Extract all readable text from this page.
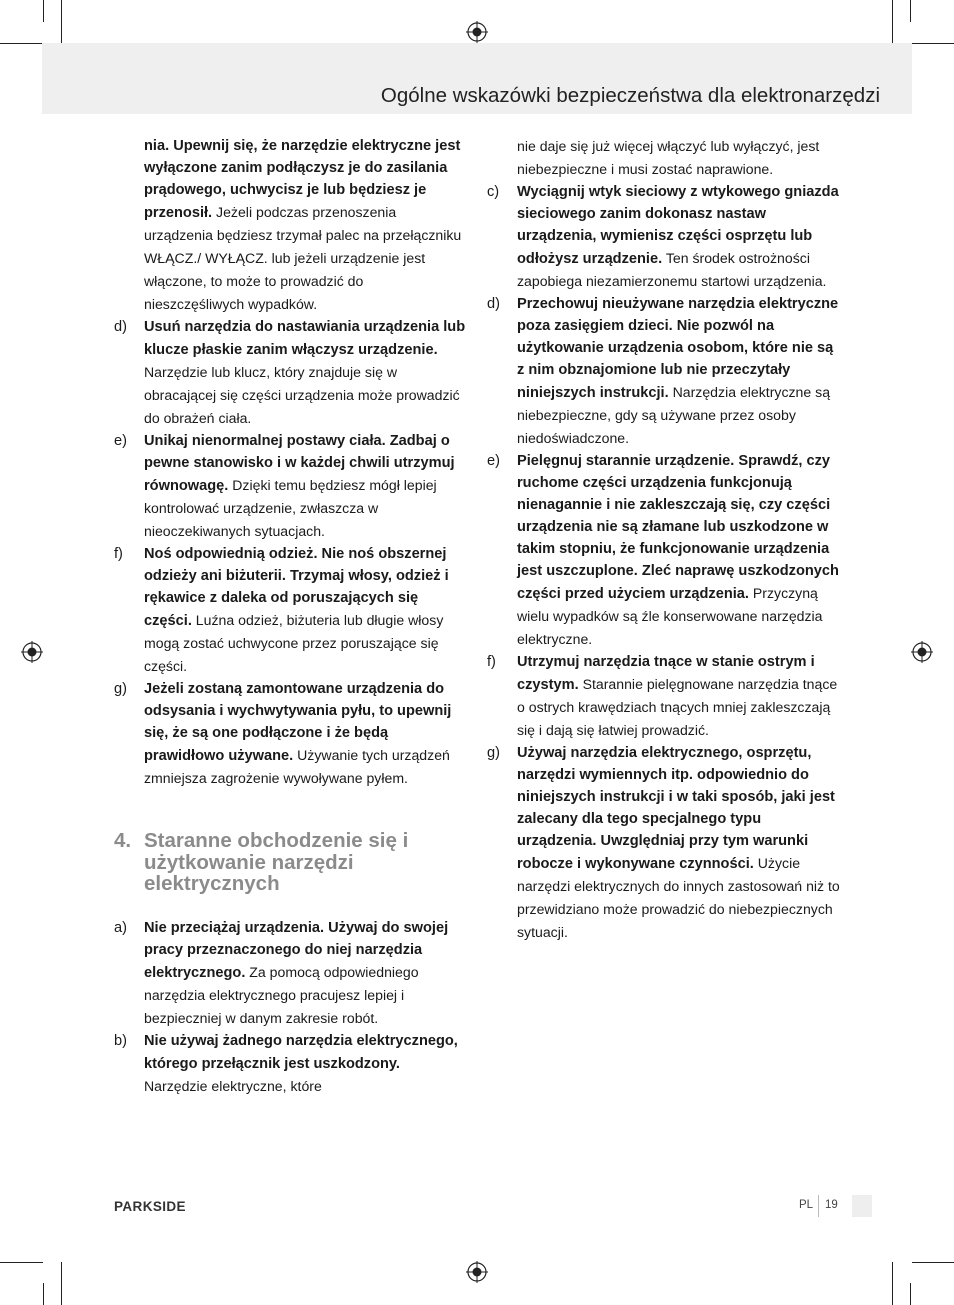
Ogólne wskazówki bezpieczeństwa dla elektronarzędzi
nia. Upewnij się, że narzędzie elektryczne jest wyłączone zanim podłączysz je do zasilania prądowego, uchwycisz je lub będziesz je przenosił. Jeżeli podczas przenoszenia urządzenia będziesz trzymał palec na przełączniku WŁĄCZ./ WYŁĄCZ. lub jeżeli urządzenie jest włączone, to może to prowadzić do nieszczęśliwych wypadków.
d) Usuń narzędzia do nastawiania urządzenia lub klucze płaskie zanim włączysz urządzenie. Narzędzie lub klucz, który znajduje się w obracającej się części urządzenia może prowadzić do obrażeń ciała.
e) Unikaj nienormalnej postawy ciała. Zadbaj o pewne stanowisko i w każdej chwili utrzymuj równowagę. Dzięki temu będziesz mógł lepiej kontrolować urządzenie, zwłaszcza w nieoczekiwanych sytuacjach.
f) Noś odpowiednią odzież. Nie noś obszernej odzieży ani biżuterii. Trzymaj włosy, odzież i rękawice z daleka od poruszających się części. Luźna odzież, biżuteria lub długie włosy mogą zostać uchwycone przez poruszające się części.
g) Jeżeli zostaną zamontowane urządzenia do odsysania i wychwytywania pyłu, to upewnij się, że są one podłączone i że będą prawidłowo używane. Używanie tych urządzeń zmniejsza zagrożenie wywoływane pyłem.
4. Staranne obchodzenie się i użytkowanie narzędzi elektrycznych
a) Nie przeciążaj urządzenia. Używaj do swojej pracy przeznaczonego do niej narzędzia elektrycznego. Za pomocą odpowiedniego narzędzia elektrycznego pracujesz lepiej i bezpieczniej w danym zakresie robót.
b) Nie używaj żadnego narzędzia elektrycznego, którego przełącznik jest uszkodzony. Narzędzie elektryczne, które
nie daje się już więcej włączyć lub wyłączyć, jest niebezpieczne i musi zostać naprawione.
c) Wyciągnij wtyk sieciowy z wtykowego gniazda sieciowego zanim dokonasz nastaw urządzenia, wymienisz części osprzętu lub odłożysz urządzenie. Ten środek ostrożności zapobiega niezamierzonemu startowi urządzenia.
d) Przechowuj nieużywane narzędzia elektryczne poza zasięgiem dzieci. Nie pozwól na użytkowanie urządzenia osobom, które nie są z nim obznajomione lub nie przeczytały niniejszych instrukcji. Narzędzia elektryczne są niebezpieczne, gdy są używane przez osoby niedoświadczone.
e) Pielęgnuj starannie urządzenie. Sprawdź, czy ruchome części urządzenia funkcjonują nienagannie i nie zakleszczają się, czy części urządzenia nie są złamane lub uszkodzone w takim stopniu, że funkcjonowanie urządzenia jest uszczuplone. Zleć naprawę uszkodzonych części przed użyciem urządzenia. Przyczyną wielu wypadków są źle konserwowane narzędzia elektryczne.
f) Utrzymuj narzędzia tnące w stanie ostrym i czystym. Starannie pielęgnowane narzędzia tnące o ostrych krawędziach tnących mniej zakleszczają się i dają się łatwiej prowadzić.
g) Używaj narzędzia elektrycznego, osprzętu, narzędzi wymiennych itp. odpowiednio do niniejszych instrukcji i w taki sposób, jaki jest zalecany dla tego specjalnego typu urządzenia. Uwzględniaj przy tym warunki robocze i wykonywane czynności. Użycie narzędzi elektrycznych do innych zastosowań niż to przewidziano może prowadzić do niebezpiecznych sytuacji.
PARKSIDE	PL 19
